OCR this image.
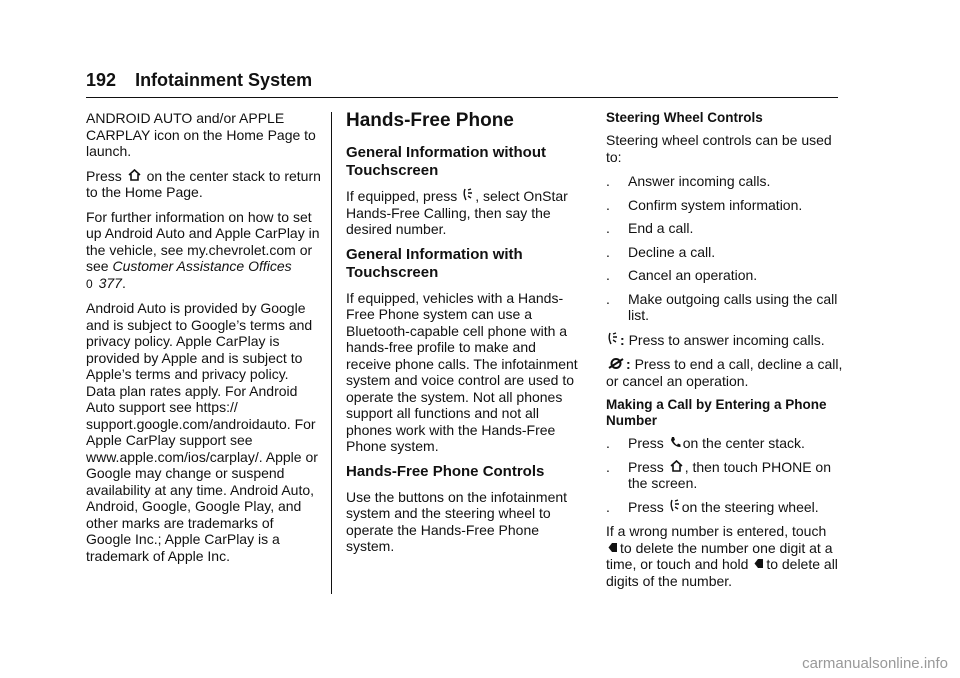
192 Infotainment System

ANDROID AUTO and/or APPLE CARPLAY icon on the Home Page to launch.

Press on the center stack to return to the Home Page.

For further information on how to set up Android Auto and Apple CarPlay in the vehicle, see my.chevrolet.com or see Customer Assistance Offices
0 377.

Android Auto is provided by Google and is subject to Google’s terms and privacy policy. Apple CarPlay is provided by Apple and is subject to Apple’s terms and privacy policy. Data plan rates apply. For Android Auto support see https:// support.google.com/androidauto. For Apple CarPlay support see www.apple.com/ios/carplay/. Apple or Google may change or suspend availability at any time. Android Auto, Android, Google, Google Play, and other marks are trademarks of Google Inc.; Apple CarPlay is a trademark of Apple Inc.

Hands-Free Phone
General Information without Touchscreen

If equipped, press , select OnStar Hands-Free Calling, then say the desired number.

General Information with Touchscreen

If equipped, vehicles with a Hands-Free Phone system can use a Bluetooth-capable cell phone with a hands-free profile to make and receive phone calls. The infotainment system and voice control are used to operate the system. Not all phones support all functions and not all phones work with the Hands-Free Phone system.

Hands-Free Phone Controls

Use the buttons on the infotainment system and the steering wheel to operate the Hands-Free Phone system.

Steering Wheel Controls

Steering wheel controls can be used to:

. Answer incoming calls.
. Confirm system information.
. End a call.
. Decline a call.
. Cancel an operation.
. Make outgoing calls using the call list.

: Press to answer incoming calls.

: Press to end a call, decline a call, or cancel an operation.

Making a Call by Entering a Phone Number
. Press on the center stack.
. Press , then touch PHONE on the screen.
. Press on the steering wheel.

If a wrong number is entered, touch
to delete the number one digit at a time, or touch and hold to delete all digits of the number.

carmanualsonline.info
